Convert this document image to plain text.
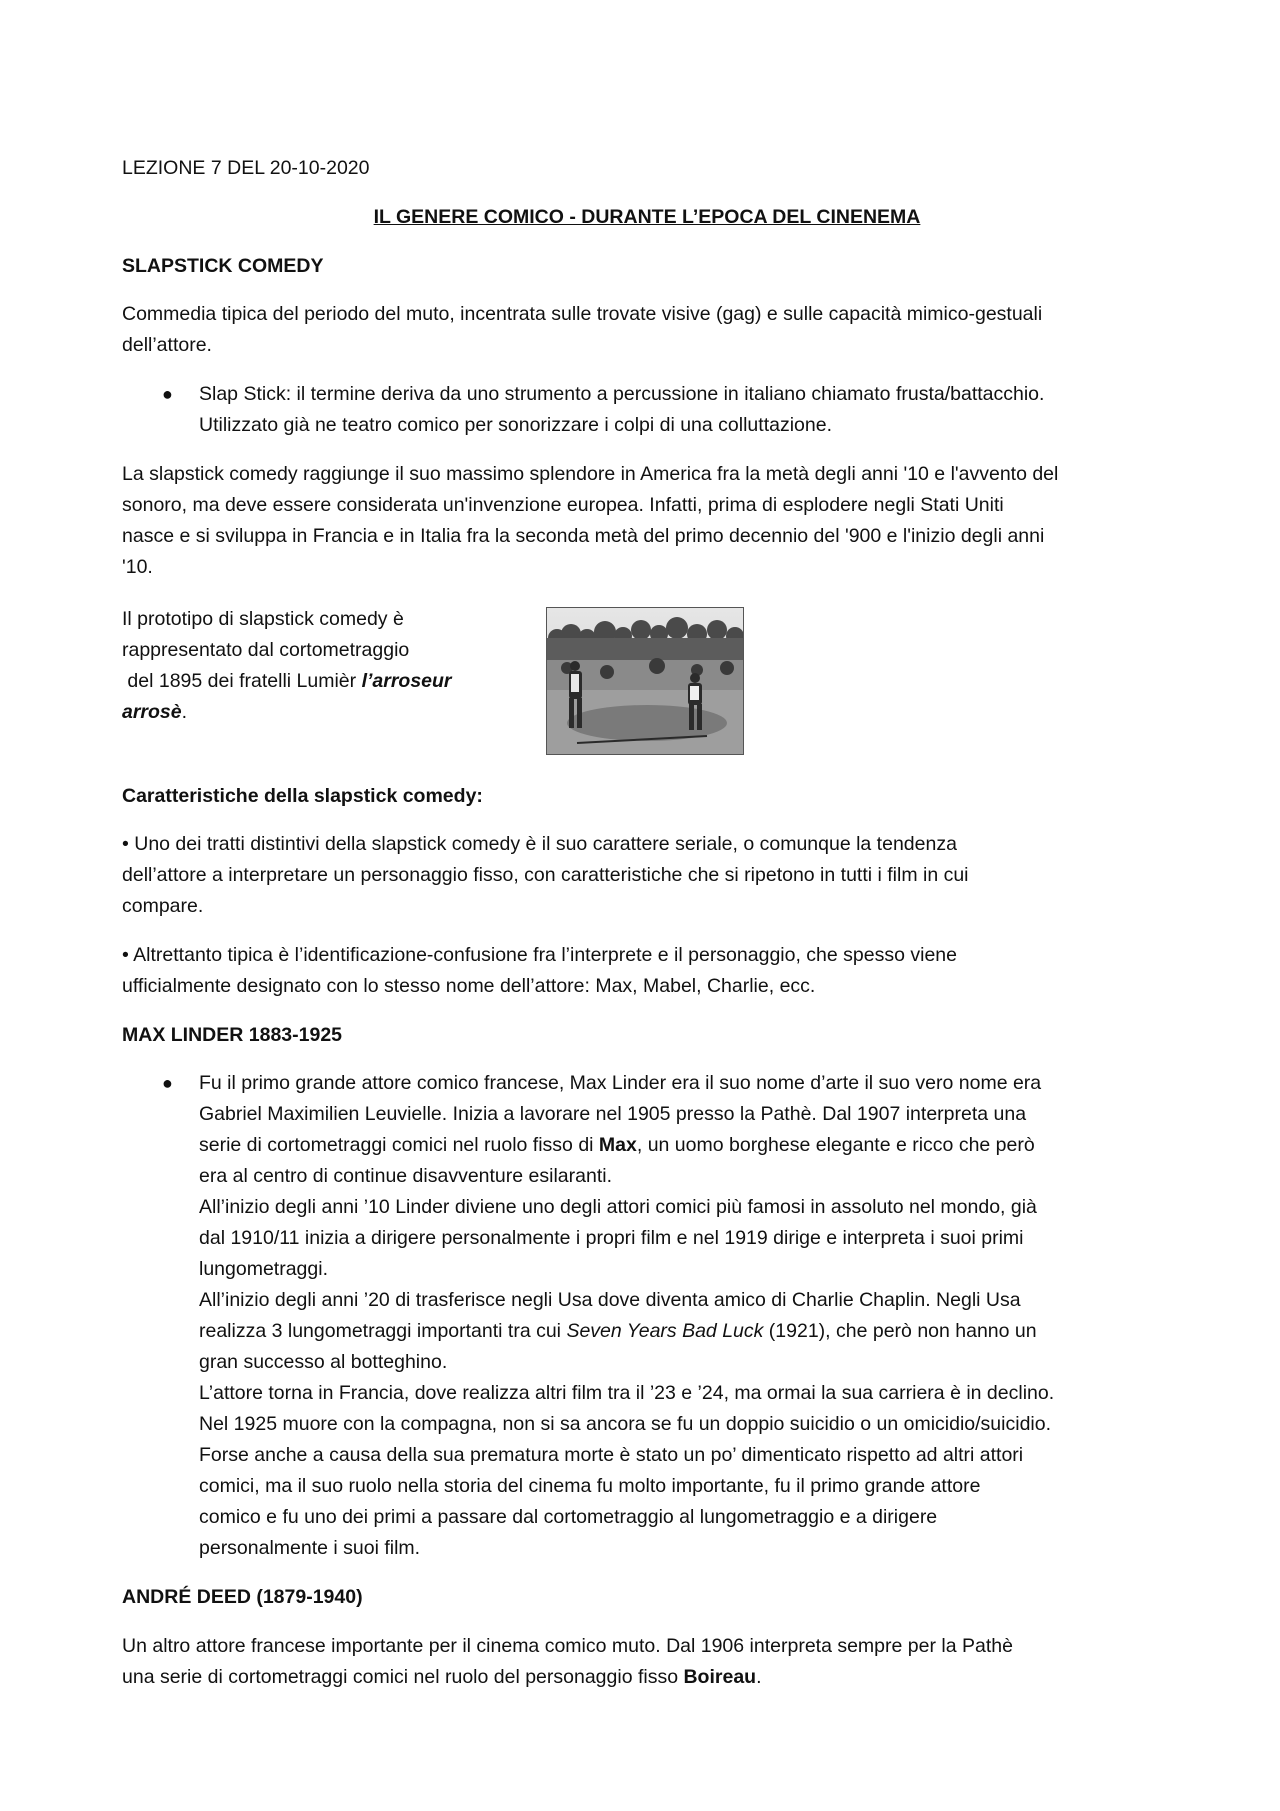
LEZIONE 7 DEL 20-10-2020

IL GENERE COMICO - DURANTE L’EPOCA DEL CINENEMA

SLAPSTICK COMEDY

Commedia tipica del periodo del muto, incentrata sulle trovate visive (gag) e sulle capacità mimico-gestuali

dell’attore.

● Slap Stick: il termine deriva da uno strumento a percussione in italiano chiamato frusta/battacchio.
Utilizzato già ne teatro comico per sonorizzare i colpi di una colluttazione.

La slapstick comedy raggiunge il suo massimo splendore in America fra la metà degli anni '10 e l'avvento del

sonoro, ma deve essere considerata un'invenzione europea. Infatti, prima di esplodere negli Stati Uniti

nasce e si sviluppa in Francia e in Italia fra la seconda metà del primo decennio del '900 e l'inizio degli anni

'10.

Il prototipo di slapstick comedy è

rappresentato dal cortometraggio

del 1895 dei fratelli Lumièr l’arroseur

arrosè.

Caratteristiche della slapstick comedy:

• Uno dei tratti distintivi della slapstick comedy è il suo carattere seriale, o comunque la tendenza

dell’attore a interpretare un personaggio fisso, con caratteristiche che si ripetono in tutti i film in cui

compare.

• Altrettanto tipica è l’identificazione-confusione fra l’interprete e il personaggio, che spesso viene

ufficialmente designato con lo stesso nome dell’attore: Max, Mabel, Charlie, ecc.

MAX LINDER 1883-1925

● Fu il primo grande attore comico francese, Max Linder era il suo nome d’arte il suo vero nome era
Gabriel Maximilien Leuvielle. Inizia a lavorare nel 1905 presso la Pathè. Dal 1907 interpreta una
serie di cortometraggi comici nel ruolo fisso di Max, un uomo borghese elegante e ricco che però
era al centro di continue disavventure esilaranti.
All’inizio degli anni ’10 Linder diviene uno degli attori comici più famosi in assoluto nel mondo, già
dal 1910/11 inizia a dirigere personalmente i propri film e nel 1919 dirige e interpreta i suoi primi
lungometraggi.
All’inizio degli anni ’20 di trasferisce negli Usa dove diventa amico di Charlie Chaplin. Negli Usa
realizza 3 lungometraggi importanti tra cui Seven Years Bad Luck (1921), che però non hanno un
gran successo al botteghino.
L’attore torna in Francia, dove realizza altri film tra il ’23 e ’24, ma ormai la sua carriera è in declino.
Nel 1925 muore con la compagna, non si sa ancora se fu un doppio suicidio o un omicidio/suicidio.
Forse anche a causa della sua prematura morte è stato un po’ dimenticato rispetto ad altri attori
comici, ma il suo ruolo nella storia del cinema fu molto importante, fu il primo grande attore
comico e fu uno dei primi a passare dal cortometraggio al lungometraggio e a dirigere
personalmente i suoi film.

ANDRÉ DEED (1879-1940)

Un altro attore francese importante per il cinema comico muto. Dal 1906 interpreta sempre per la Pathè

una serie di cortometraggi comici nel ruolo del personaggio fisso Boireau.
